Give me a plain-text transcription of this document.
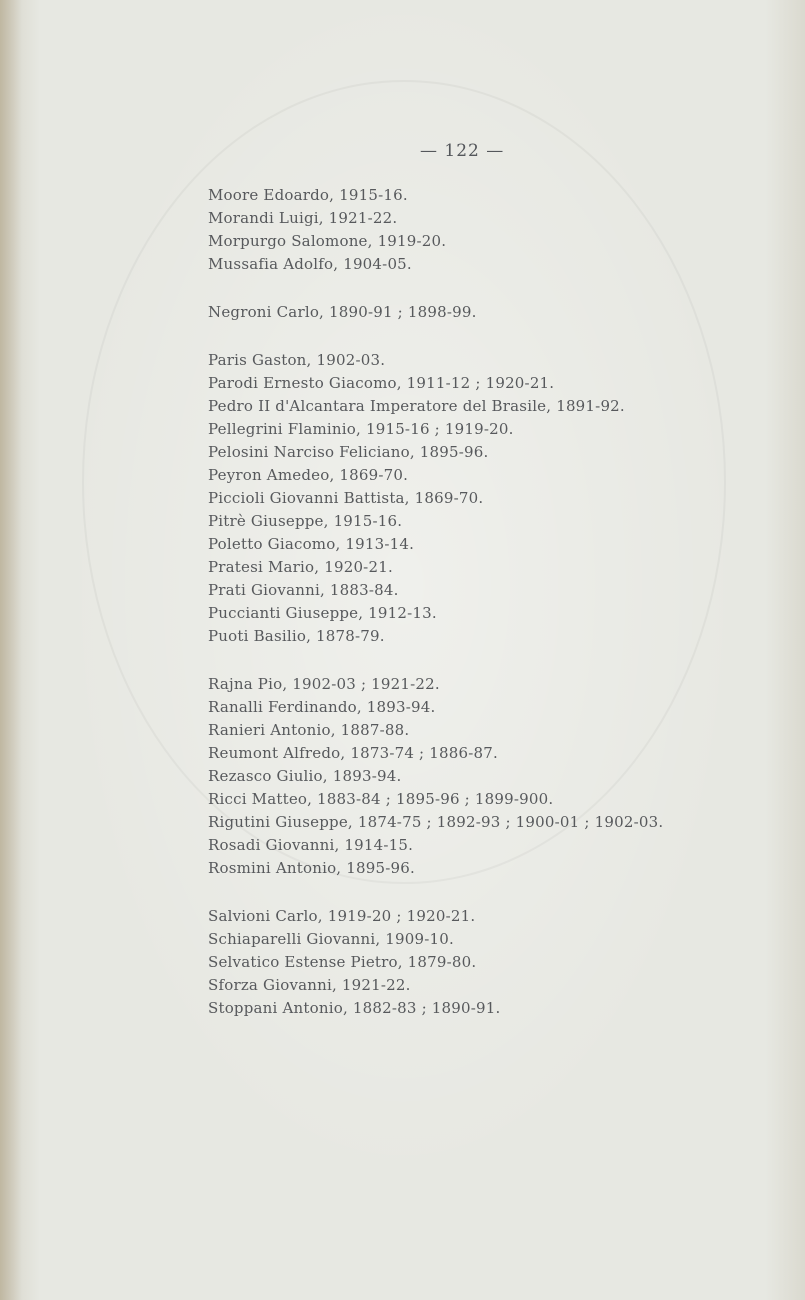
— 122 —
Moore Edoardo, 1915-16.
Morandi Luigi, 1921-22.
Morpurgo Salomone, 1919-20.
Mussafia Adolfo, 1904-05.
Negroni Carlo, 1890-91 ; 1898-99.
Paris Gaston, 1902-03.
Parodi Ernesto Giacomo, 1911-12 ; 1920-21.
Pedro II d'Alcantara Imperatore del Brasile, 1891-92.
Pellegrini Flaminio, 1915-16 ; 1919-20.
Pelosini Narciso Feliciano, 1895-96.
Peyron Amedeo, 1869-70.
Piccioli Giovanni Battista, 1869-70.
Pitrè Giuseppe, 1915-16.
Poletto Giacomo, 1913-14.
Pratesi Mario, 1920-21.
Prati Giovanni, 1883-84.
Puccianti Giuseppe, 1912-13.
Puoti Basilio, 1878-79.
Rajna Pio, 1902-03 ; 1921-22.
Ranalli Ferdinando, 1893-94.
Ranieri Antonio, 1887-88.
Reumont Alfredo, 1873-74 ; 1886-87.
Rezasco Giulio, 1893-94.
Ricci Matteo, 1883-84 ; 1895-96 ; 1899-900.
Rigutini Giuseppe, 1874-75 ; 1892-93 ; 1900-01 ; 1902-03.
Rosadi Giovanni, 1914-15.
Rosmini Antonio, 1895-96.
Salvioni Carlo, 1919-20 ; 1920-21.
Schiaparelli Giovanni, 1909-10.
Selvatico Estense Pietro, 1879-80.
Sforza Giovanni, 1921-22.
Stoppani Antonio, 1882-83 ; 1890-91.
